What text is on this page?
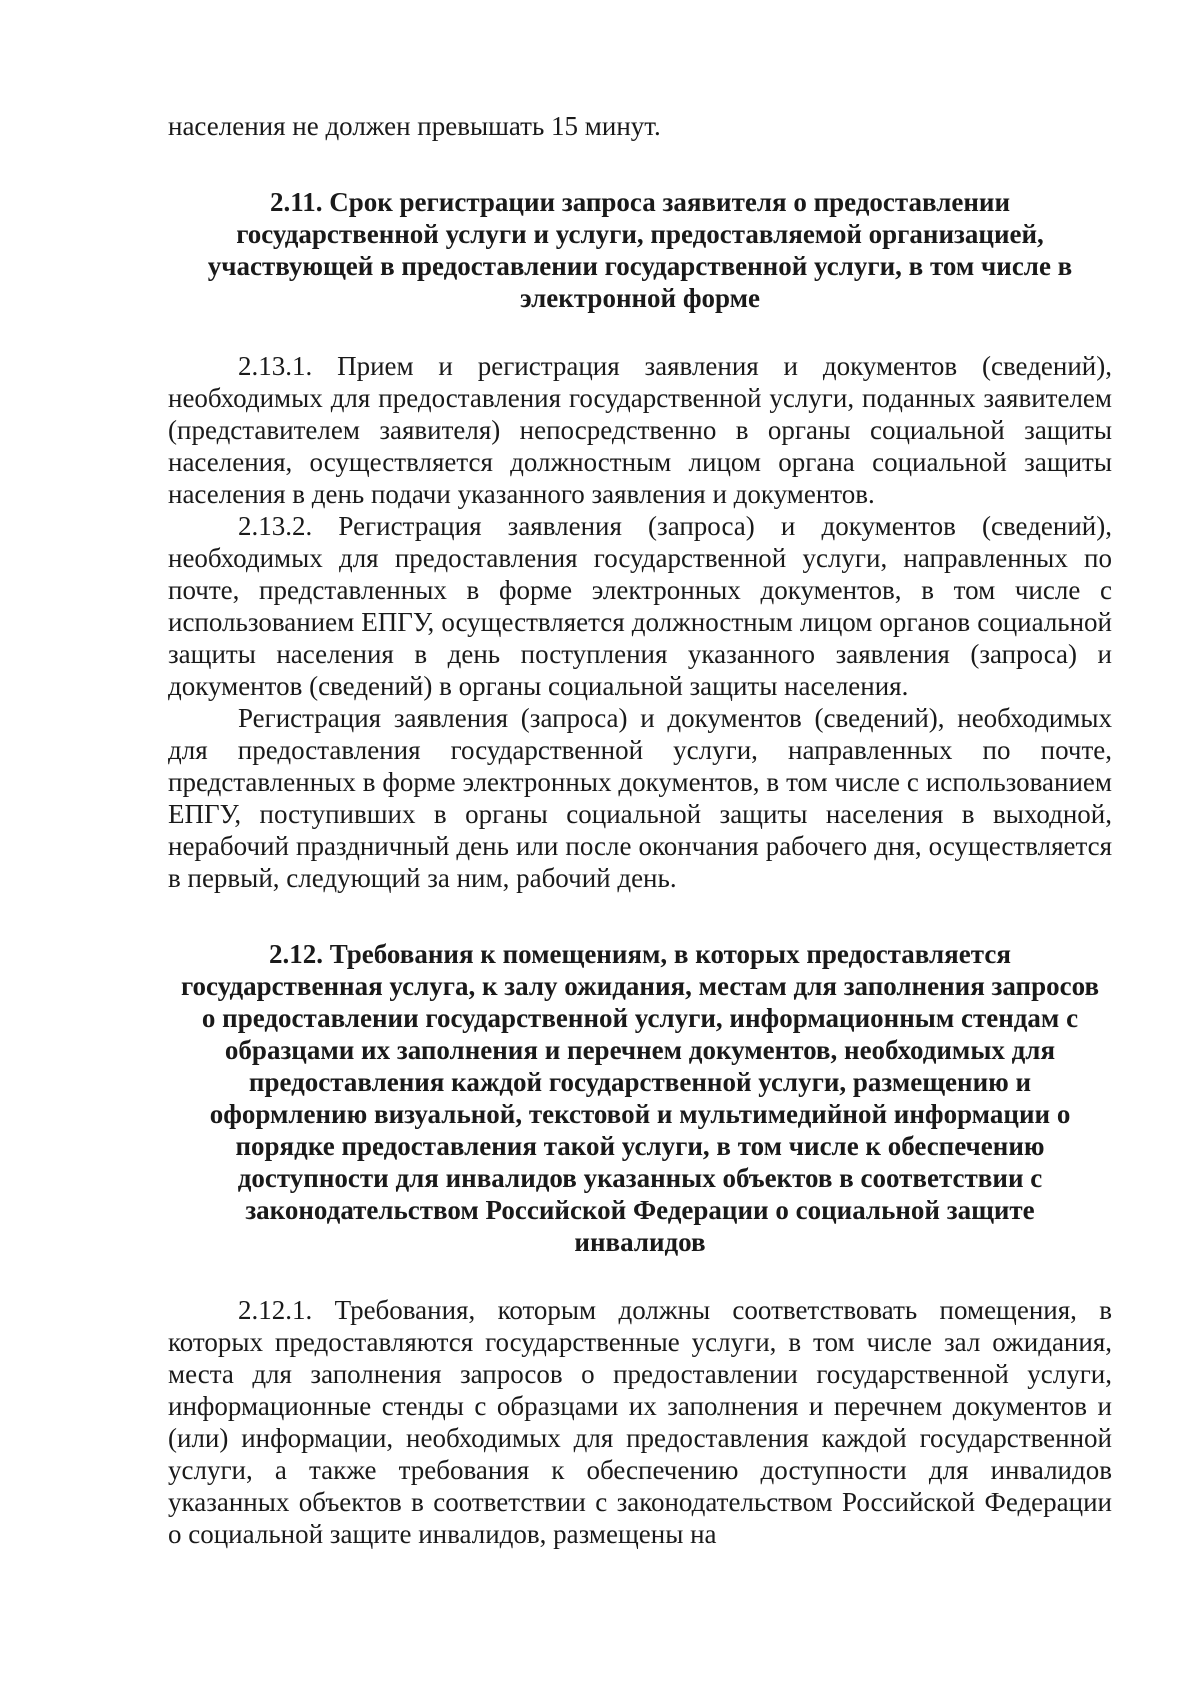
населения не должен превышать 15 минут.

2.11. Срок регистрации запроса заявителя о предоставлении государственной услуги и услуги, предоставляемой организацией, участвующей в предоставлении государственной услуги, в том числе в электронной форме

2.13.1. Прием и регистрация заявления и документов (сведений), необходимых для предоставления государственной услуги, поданных заявителем (представителем заявителя) непосредственно в органы социальной защиты населения, осуществляется должностным лицом органа социальной защиты населения в день подачи указанного заявления и документов.

2.13.2. Регистрация заявления (запроса) и документов (сведений), необходимых для предоставления государственной услуги, направленных по почте, представленных в форме электронных документов, в том числе с использованием ЕПГУ, осуществляется должностным лицом органов социальной защиты населения в день поступления указанного заявления (запроса) и документов (сведений) в органы социальной защиты населения.

Регистрация заявления (запроса) и документов (сведений), необходимых для предоставления государственной услуги, направленных по почте, представленных в форме электронных документов, в том числе с использованием ЕПГУ, поступивших в органы социальной защиты населения в выходной, нерабочий праздничный день или после окончания рабочего дня, осуществляется в первый, следующий за ним, рабочий день.

2.12. Требования к помещениям, в которых предоставляется государственная услуга, к залу ожидания, местам для заполнения запросов о предоставлении государственной услуги, информационным стендам с образцами их заполнения и перечнем документов, необходимых для предоставления каждой государственной услуги, размещению и оформлению визуальной, текстовой и мультимедийной информации о порядке предоставления такой услуги, в том числе к обеспечению доступности для инвалидов указанных объектов в соответствии с законодательством Российской Федерации о социальной защите инвалидов

2.12.1. Требования, которым должны соответствовать помещения, в которых предоставляются государственные услуги, в том числе зал ожидания, места для заполнения запросов о предоставлении государственной услуги, информационные стенды с образцами их заполнения и перечнем документов и (или) информации, необходимых для предоставления каждой государственной услуги, а также требования к обеспечению доступности для инвалидов указанных объектов в соответствии с законодательством Российской Федерации о социальной защите инвалидов, размещены на
